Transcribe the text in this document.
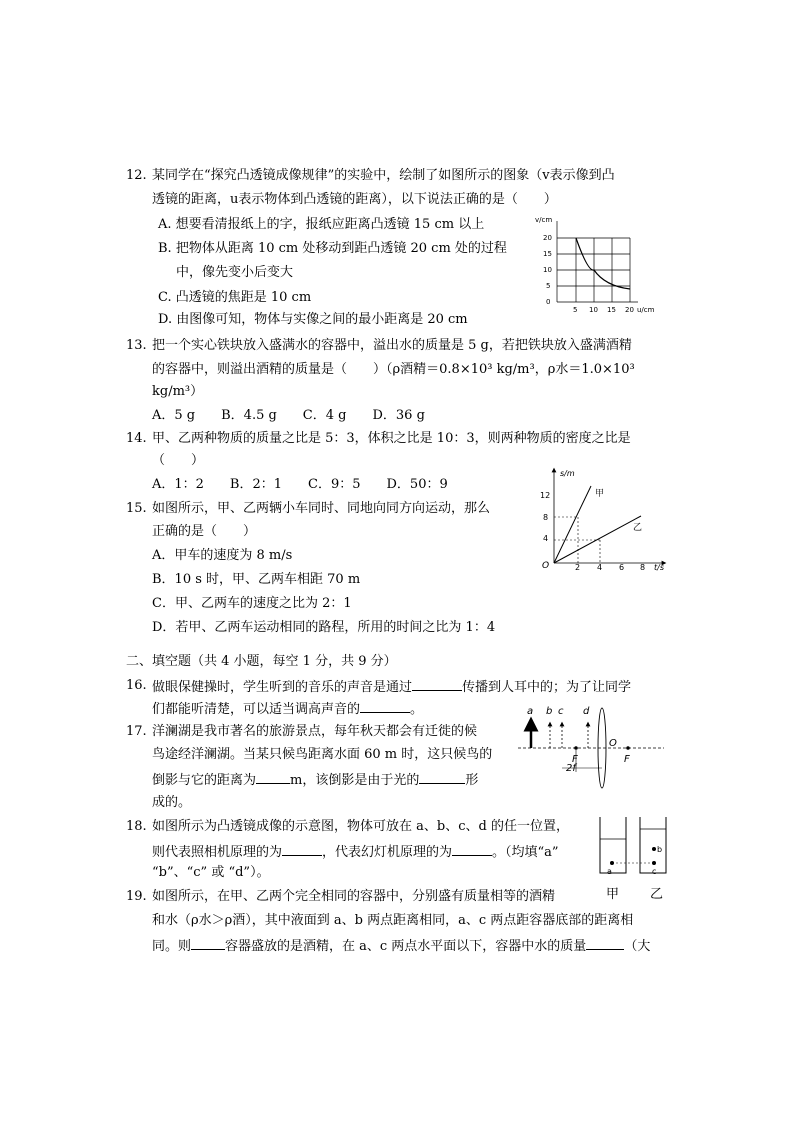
12. 某同学在“探究凸透镜成像规律”的实验中，绘制了如图所示的图象（v表示像到凸
透镜的距离，u表示物体到凸透镜的距离），以下说法正确的是（　　）
A. 想要看清报纸上的字，报纸应距离凸透镜 15 cm 以上
B. 把物体从距离 10 cm 处移动到距凸透镜 20 cm 处的过程
中，像先变小后变大
C. 凸透镜的焦距是 10 cm
D. 由图像可知，物体与实像之间的最小距离是 20 cm
v/cm
20
15
10
5
0
5 10 15 20 u/cm
13. 把一个实心铁块放入盛满水的容器中，溢出水的质量是 5 g，若把铁块放入盛满酒精
的容器中，则溢出酒精的质量是（　　）（ρ酒精＝0.8×10³ kg/m³，ρ水＝1.0×10³
kg/m³）
A．5 g　　B．4.5 g　　C．4 g　　D．36 g
14. 甲、乙两种物质的质量之比是 5：3，体积之比是 10：3，则两种物质的密度之比是
（　　）
A．1：2　　B．2：1　　C．9：5　　D．50：9
15. 如图所示，甲、乙两辆小车同时、同地向同方向运动，那么
正确的是（　　）
A．甲车的速度为 8 m/s
B．10 s 时，甲、乙两车相距 70 m
C．甲、乙两车的速度之比为 2：1
D．若甲、乙两车运动相同的路程，所用的时间之比为 1：4
s/m
12
8
4
O	2 4 6 8 t/s
甲
乙
二、填空题（共 4 小题，每空 1 分，共 9 分）
16. 做眼保健操时，学生听到的音乐的声音是通过	传播到人耳中的；为了让同学
们都能听清楚，可以适当调高声音的	。
17. 洋澜湖是我市著名的旅游景点，每年秋天都会有迁徙的候
鸟途经洋澜湖。当某只候鸟距离水面 60 m 时，这只候鸟的
倒影与它的距离为	m，该倒影是由于光的	形
成的。
a b c d
F
O
F
2f
18. 如图所示为凸透镜成像的示意图，物体可放在 a、b、c、d 的任一位置，
则代表照相机原理的为	，代表幻灯机原理的为	。（均填“a”
“b”、“c” 或 “d”）。	a
b
c
19. 如图所示，在甲、乙两个完全相同的容器中，分别盛有质量相等的酒精	甲 乙
和水（ρ水＞ρ酒），其中液面到 a、b 两点距离相同，a、c 两点距容器底部的距离相
同。则	容器盛放的是酒精，在 a、c 两点水平面以下，容器中水的质量	（大
